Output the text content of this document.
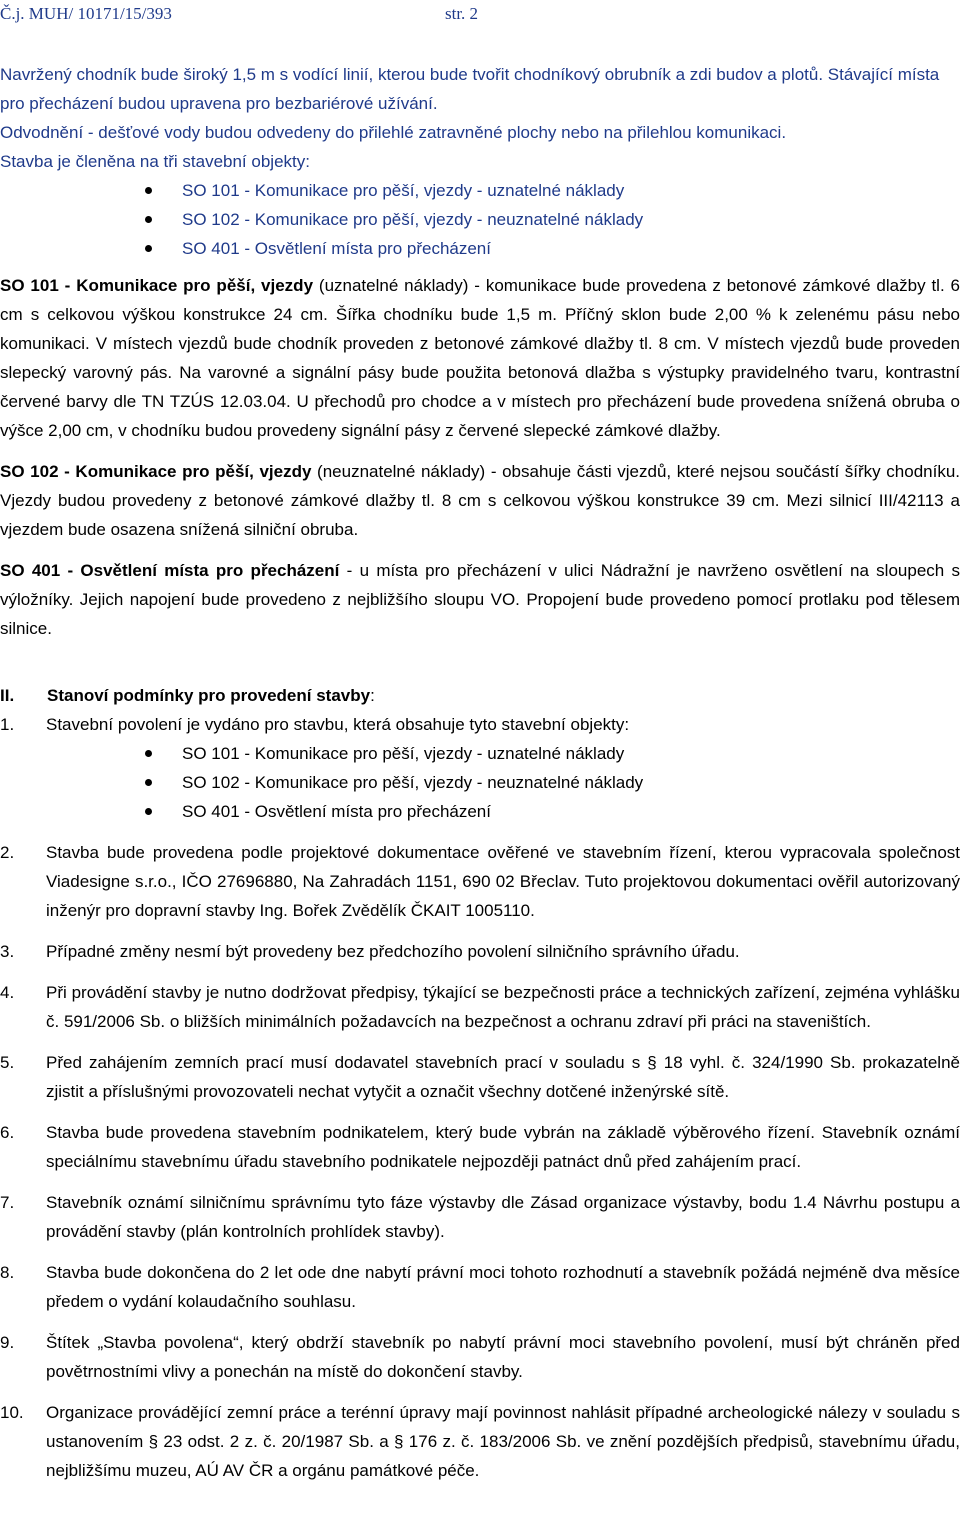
Č.j. MUH/ 10171/15/393	str. 2

Navržený chodník bude široký 1,5 m s vodící linií, kterou bude tvořit chodníkový obrubník a zdi budov a plotů. Stávající místa pro přecházení budou upravena pro bezbariérové užívání.

Odvodnění - dešťové vody budou odvedeny do přilehlé zatravněné plochy nebo na přilehlou komunikaci.

Stavba je členěna na tři stavební objekty:

SO 101 - Komunikace pro pěší, vjezdy - uznatelné náklady
SO 102 - Komunikace pro pěší, vjezdy - neuznatelné náklady
SO 401 - Osvětlení místa pro přecházení

SO 101 - Komunikace pro pěší, vjezdy (uznatelné náklady) - komunikace bude provedena z betonové zámkové dlažby tl. 6 cm s celkovou výškou konstrukce 24 cm. Šířka chodníku bude 1,5 m. Příčný sklon bude 2,00 % k zelenému pásu nebo komunikaci. V místech vjezdů bude chodník proveden z betonové zámkové dlažby tl. 8 cm. V místech vjezdů bude proveden slepecký varovný pás. Na varovné a signální pásy bude použita betonová dlažba s výstupky pravidelného tvaru, kontrastní červené barvy dle TN TZÚS 12.03.04. U přechodů pro chodce a v místech pro přecházení bude provedena snížená obruba o výšce 2,00 cm, v chodníku budou provedeny signální pásy z červené slepecké zámkové dlažby.

SO 102 - Komunikace pro pěší, vjezdy (neuznatelné náklady) - obsahuje části vjezdů, které nejsou součástí šířky chodníku. Vjezdy budou provedeny z betonové zámkové dlažby tl. 8 cm s celkovou výškou konstrukce 39 cm. Mezi silnicí III/42113 a vjezdem bude osazena snížená silniční obruba.

SO 401 - Osvětlení místa pro přecházení - u místa pro přecházení v ulici Nádražní je navrženo osvětlení na sloupech s výložníky. Jejich napojení bude provedeno z nejbližšího sloupu VO. Propojení bude provedeno pomocí protlaku pod tělesem silnice.

II. Stanoví podmínky pro provedení stavby:

1. Stavební povolení je vydáno pro stavbu, která obsahuje tyto stavební objekty:
SO 101 - Komunikace pro pěší, vjezdy - uznatelné náklady
SO 102 - Komunikace pro pěší, vjezdy - neuznatelné náklady
SO 401 - Osvětlení místa pro přecházení
2. Stavba bude provedena podle projektové dokumentace ověřené ve stavebním řízení, kterou vypracovala společnost Viadesigne s.r.o., IČO 27696880, Na Zahradách 1151, 690 02 Břeclav. Tuto projektovou dokumentaci ověřil autorizovaný inženýr pro dopravní stavby Ing. Bořek Zvědělík ČKAIT 1005110.
3. Případné změny nesmí být provedeny bez předchozího povolení silničního správního úřadu.
4. Při provádění stavby je nutno dodržovat předpisy, týkající se bezpečnosti práce a technických zařízení, zejména vyhlášku č. 591/2006 Sb. o bližších minimálních požadavcích na bezpečnost a ochranu zdraví při práci na staveništích.
5. Před zahájením zemních prací musí dodavatel stavebních prací v souladu s § 18 vyhl. č. 324/1990 Sb. prokazatelně zjistit a příslušnými provozovateli nechat vytyčit a označit všechny dotčené inženýrské sítě.
6. Stavba bude provedena stavebním podnikatelem, který bude vybrán na základě výběrového řízení. Stavebník oznámí speciálnímu stavebnímu úřadu stavebního podnikatele nejpozději patnáct dnů před zahájením prací.
7. Stavebník oznámí silničnímu správnímu tyto fáze výstavby dle Zásad organizace výstavby, bodu 1.4 Návrhu postupu a provádění stavby (plán kontrolních prohlídek stavby).
8. Stavba bude dokončena do 2 let ode dne nabytí právní moci tohoto rozhodnutí a stavebník požádá nejméně dva měsíce předem o vydání kolaudačního souhlasu.
9. Štítek „Stavba povolena“, který obdrží stavebník po nabytí právní moci stavebního povolení, musí být chráněn před povětrnostními vlivy a ponechán na místě do dokončení stavby.
10. Organizace provádějící zemní práce a terénní úpravy mají povinnost nahlásit případné archeologické nálezy v souladu s ustanovením § 23 odst. 2 z. č. 20/1987 Sb. a § 176 z. č. 183/2006 Sb. ve znění pozdějších předpisů, stavebnímu úřadu, nejbližšímu muzeu, AÚ AV ČR a orgánu památkové péče.
